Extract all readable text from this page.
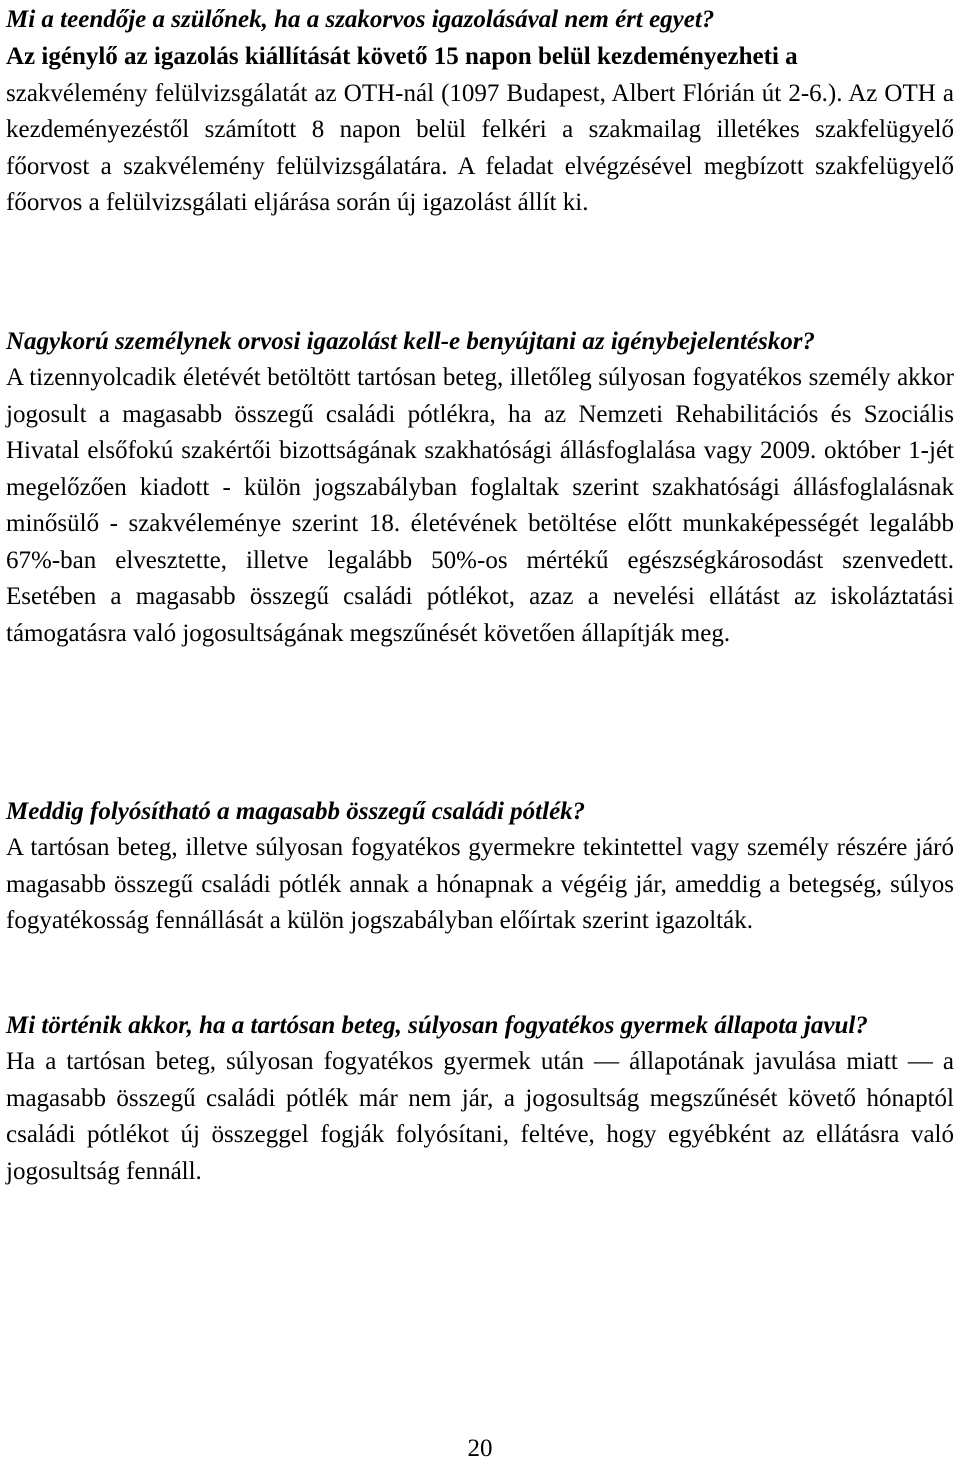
Mi a teendője a szülőnek, ha a szakorvos igazolásával nem ért egyet?
Az igénylő az igazolás kiállítását követő 15 napon belül kezdeményezheti a
szakvélemény felülvizsgálatát az OTH-nál (1097 Budapest, Albert Flórián út 2-6.). Az OTH a kezdeményezéstől számított 8 napon belül felkéri a szakmailag illetékes szakfelügyelő főorvost a szakvélemény felülvizsgálatára. A feladat elvégzésével megbízott szakfelügyelő főorvos a felülvizsgálati eljárása során új igazolást állít ki.
Nagykorú személynek orvosi igazolást kell-e benyújtani az igénybejelentéskor?
A tizennyolcadik életévét betöltött tartósan beteg, illetőleg súlyosan fogyatékos személy akkor jogosult a magasabb összegű családi pótlékra, ha az Nemzeti Rehabilitációs és Szociális Hivatal elsőfokú szakértői bizottságának szakhatósági állásfoglalása vagy 2009. október 1-jét megelőzően kiadott - külön jogszabályban foglaltak szerint szakhatósági állásfoglalásnak minősülő - szakvéleménye szerint 18. életévének betöltése előtt munkaképességét legalább 67%-ban elvesztette, illetve legalább 50%-os mértékű egészségkárosodást szenvedett. Esetében a magasabb összegű családi pótlékot, azaz a nevelési ellátást az iskoláztatási támogatásra való jogosultságának megszűnését követően állapítják meg.
Meddig folyósítható a magasabb összegű családi pótlék?
A tartósan beteg, illetve súlyosan fogyatékos gyermekre tekintettel vagy személy részére járó magasabb összegű családi pótlék annak a hónapnak a végéig jár, ameddig a betegség, súlyos fogyatékosság fennállását a külön jogszabályban előírtak szerint igazolták.
Mi történik akkor, ha a tartósan beteg, súlyosan fogyatékos gyermek állapota javul?
Ha a tartósan beteg, súlyosan fogyatékos gyermek után — állapotának javulása miatt — a magasabb összegű családi pótlék már nem jár, a jogosultság megszűnését követő hónaptól családi pótlékot új összeggel fogják folyósítani, feltéve, hogy egyébként az ellátásra való jogosultság fennáll.
20
